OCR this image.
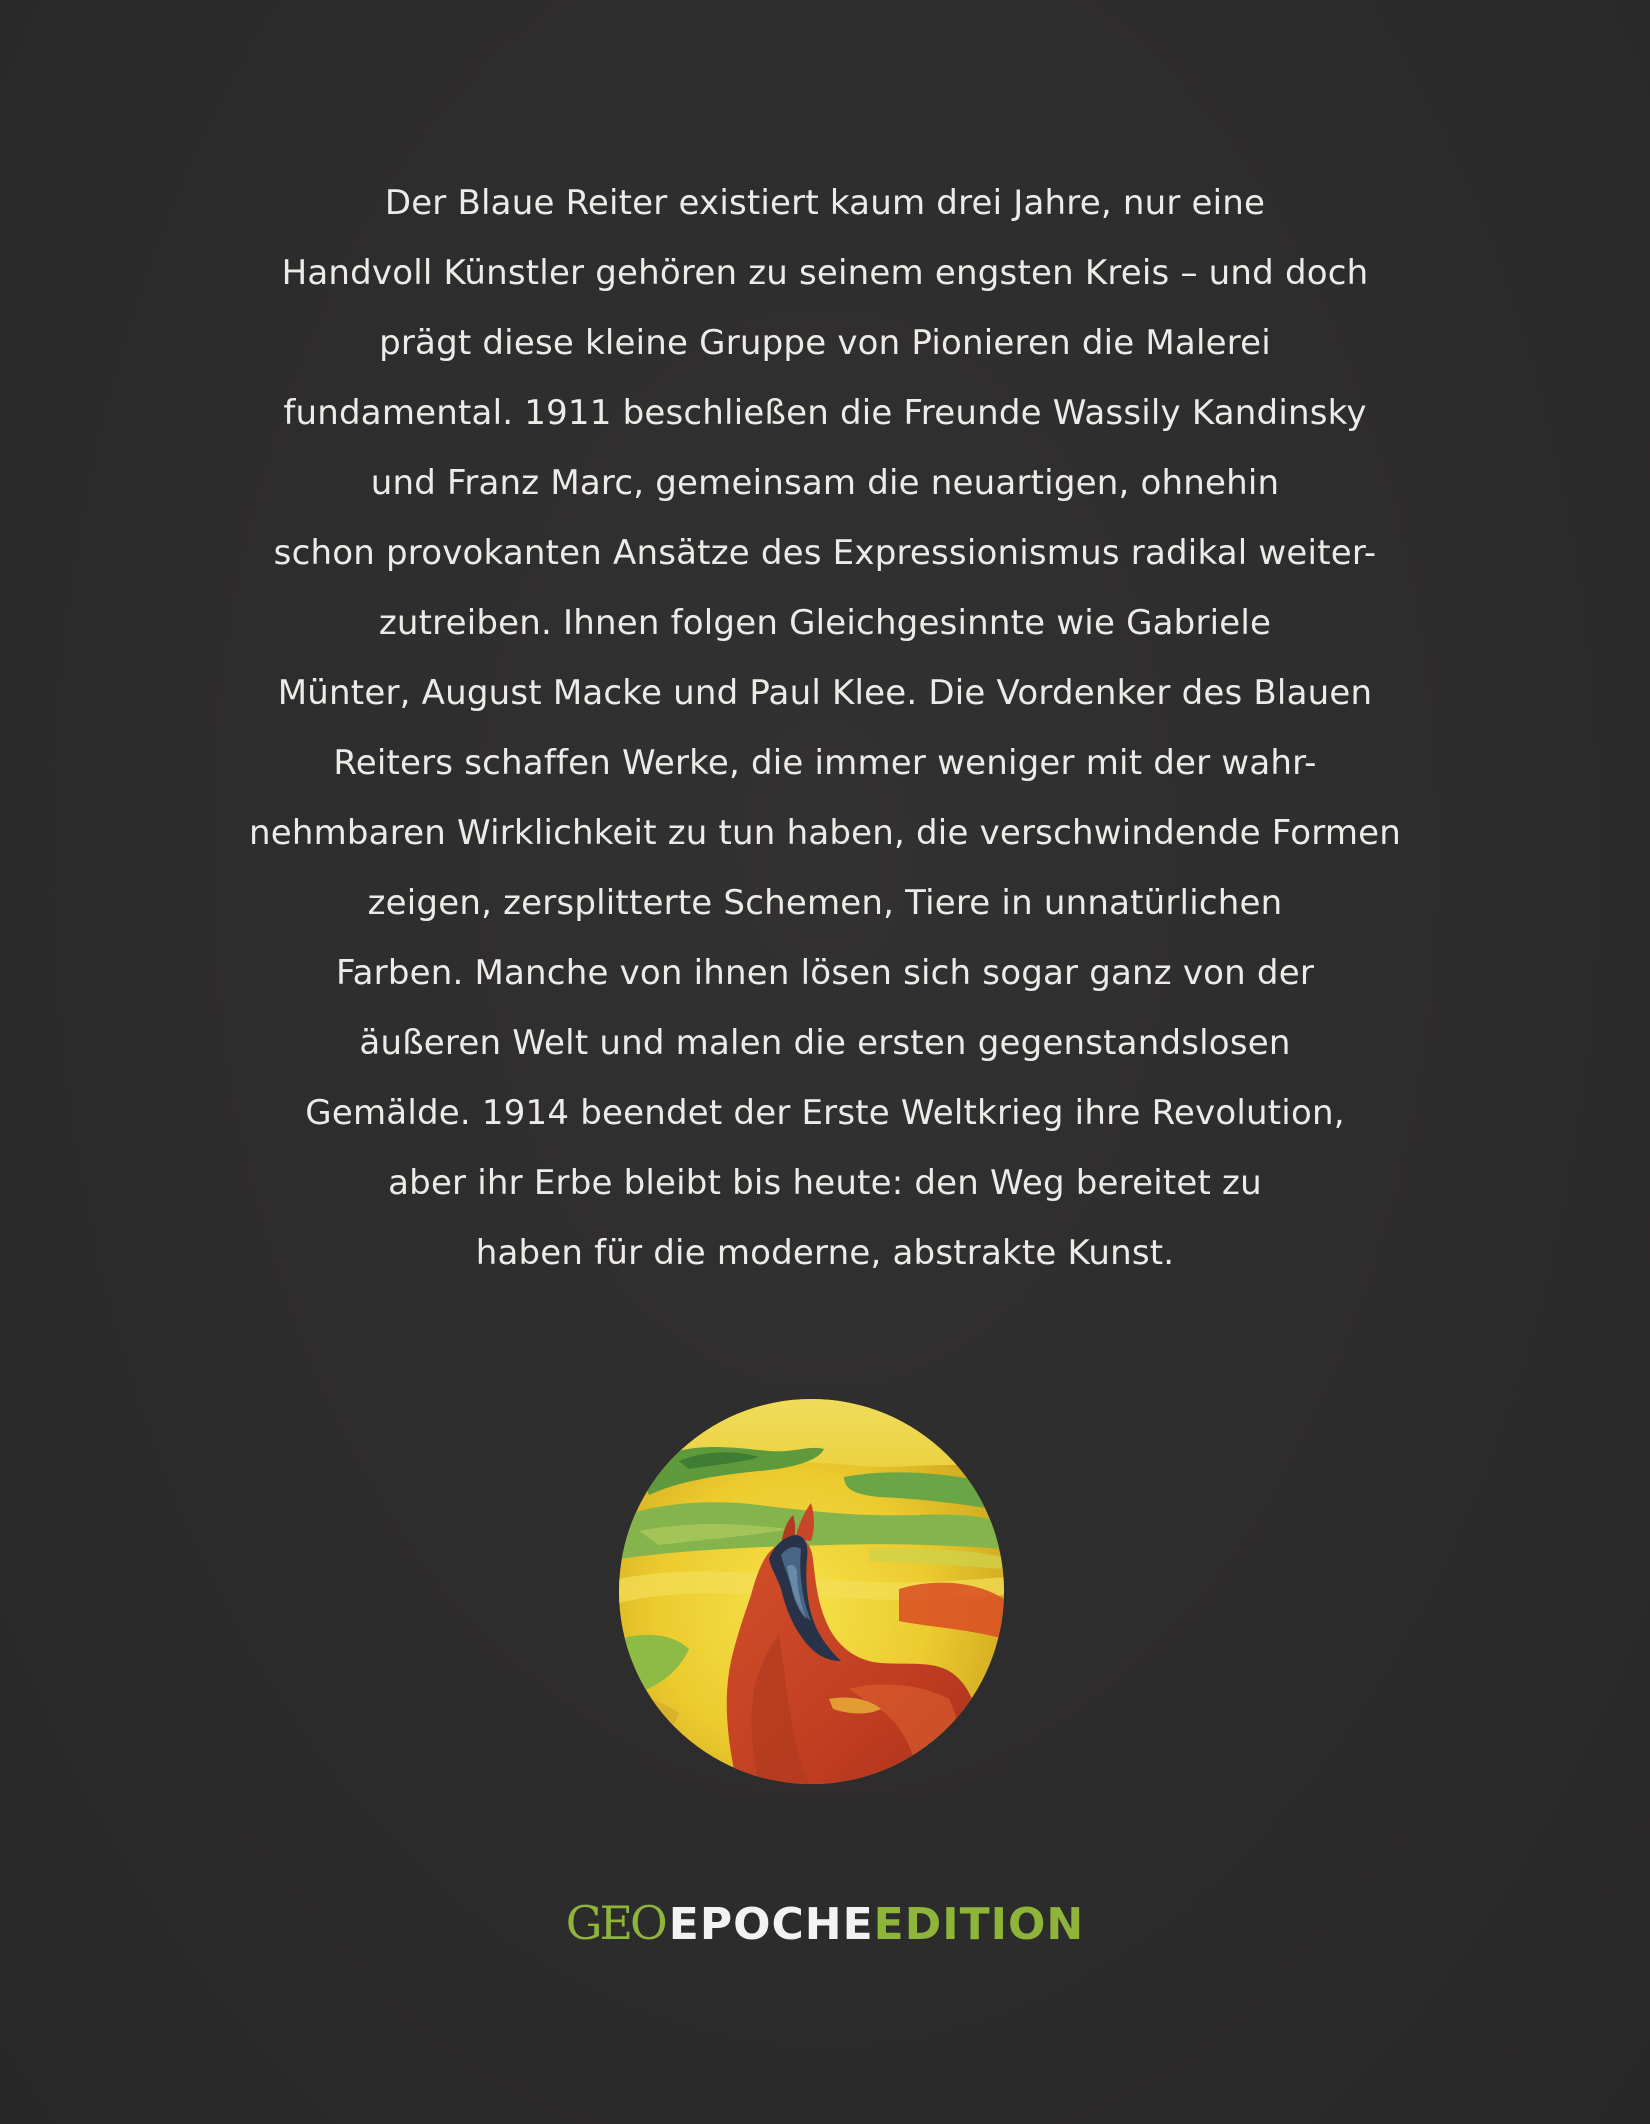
Der Blaue Reiter existiert kaum drei Jahre, nur eine
Handvoll Künstler gehören zu seinem engsten Kreis – und doch
prägt diese kleine Gruppe von Pionieren die Malerei
fundamental. 1911 beschließen die Freunde Wassily Kandinsky
und Franz Marc, gemeinsam die neuartigen, ohnehin
schon provokanten Ansätze des Expressionismus radikal weiter-
zutreiben. Ihnen folgen Gleichgesinnte wie Gabriele
Münter, August Macke und Paul Klee. Die Vordenker des Blauen
Reiters schaffen Werke, die immer weniger mit der wahr-
nehmbaren Wirklichkeit zu tun haben, die verschwindende Formen
zeigen, zersplitterte Schemen, Tiere in unnatürlichen
Farben. Manche von ihnen lösen sich sogar ganz von der
äußeren Welt und malen die ersten gegenstandslosen
Gemälde. 1914 beendet der Erste Weltkrieg ihre Revolution,
aber ihr Erbe bleibt bis heute: den Weg bereitet zu
haben für die moderne, abstrakte Kunst.
GEOEPOCHEEDITION
